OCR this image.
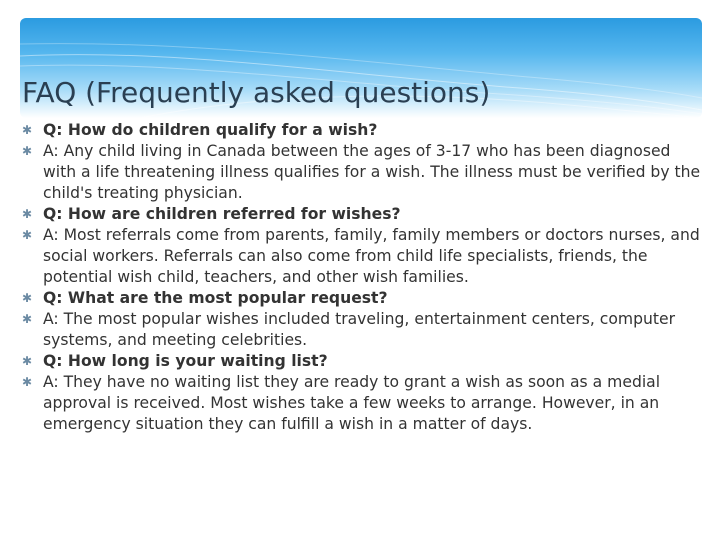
FAQ (Frequently asked questions)
✱ Q: How do children qualify for a wish?
✱ A: Any child living in Canada between the ages of 3-17 who has been diagnosed with a life threatening illness qualifies for a wish. The illness must be verified by the child's treating physician.
✱ Q: How are children referred for wishes?
✱ A: Most referrals come from parents, family, family members or doctors nurses, and social workers. Referrals can also come from child life specialists, friends, the potential wish child, teachers, and other wish families.
✱ Q: What are the most popular request?
✱ A: The most popular wishes included traveling, entertainment centers, computer systems, and meeting celebrities.
✱ Q: How long is your waiting list?
✱ A: They have no waiting list they are ready to grant a wish as soon as a medial approval is received. Most wishes take a few weeks to arrange. However, in an emergency situation they can fulfill a wish in a matter of days.
